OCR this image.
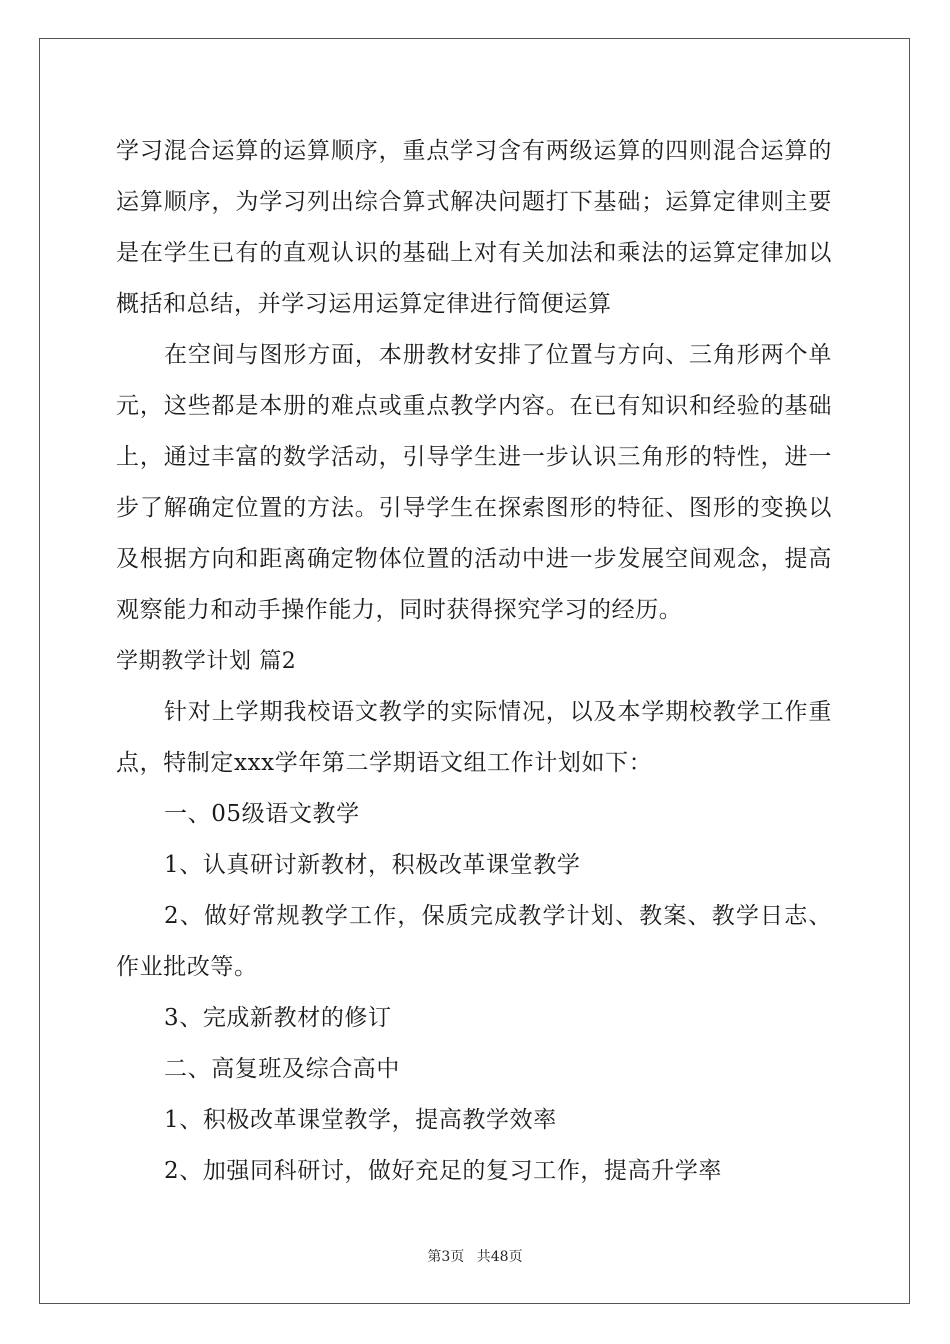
学习混合运算的运算顺序，重点学习含有两级运算的四则混合运算的
运算顺序，为学习列出综合算式解决问题打下基础；运算定律则主要
是在学生已有的直观认识的基础上对有关加法和乘法的运算定律加以
概括和总结，并学习运用运算定律进行简便运算
在空间与图形方面，本册教材安排了位置与方向、三角形两个单
元，这些都是本册的难点或重点教学内容。在已有知识和经验的基础
上，通过丰富的数学活动，引导学生进一步认识三角形的特性，进一
步了解确定位置的方法。引导学生在探索图形的特征、图形的变换以
及根据方向和距离确定物体位置的活动中进一步发展空间观念，提高
观察能力和动手操作能力，同时获得探究学习的经历。
学期教学计划 篇2
针对上学期我校语文教学的实际情况，以及本学期校教学工作重
点，特制定xxx学年第二学期语文组工作计划如下：
一、05级语文教学
1、认真研讨新教材，积极改革课堂教学
2、做好常规教学工作，保质完成教学计划、教案、教学日志、
作业批改等。
3、完成新教材的修订
二、高复班及综合高中
1、积极改革课堂教学，提高教学效率
2、加强同科研讨，做好充足的复习工作，提高升学率
第3页 共48页
